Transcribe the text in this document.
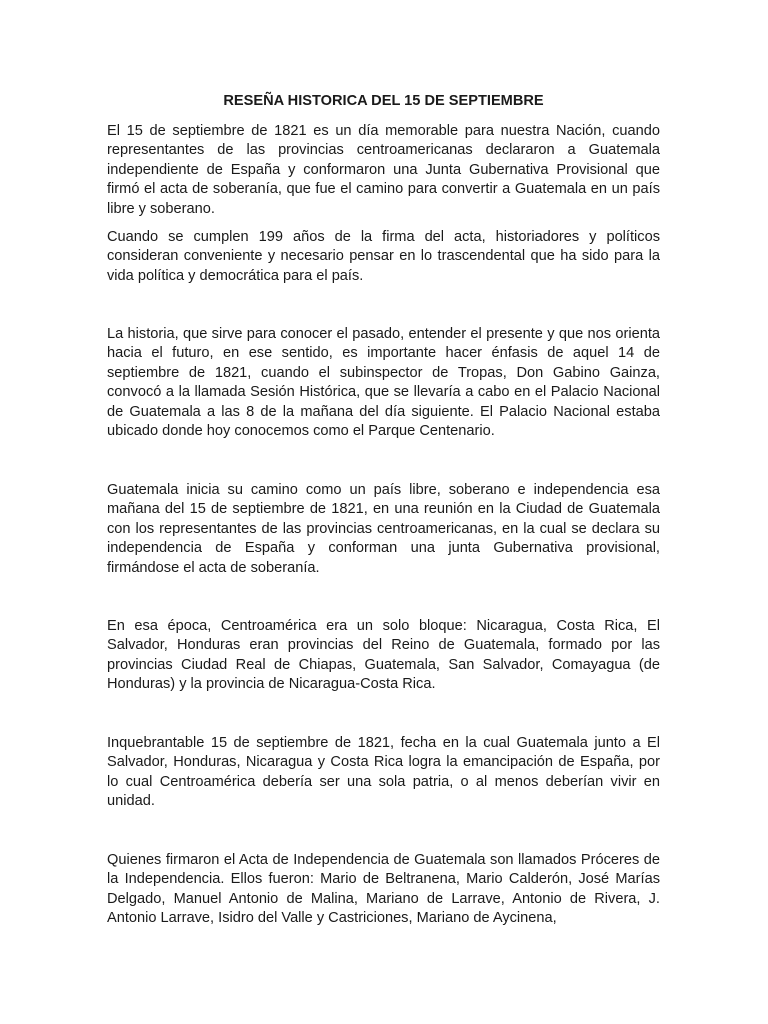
RESEÑA HISTORICA DEL 15 DE SEPTIEMBRE

El 15 de septiembre de 1821 es un día memorable para nuestra Nación, cuando representantes de las provincias centroamericanas declararon a Guatemala independiente de España y conformaron una Junta Gubernativa Provisional que firmó el acta de soberanía, que fue el camino para convertir a Guatemala en un país libre y soberano.

Cuando se cumplen 199 años de la firma del acta, historiadores y políticos consideran conveniente y necesario pensar en lo trascendental que ha sido para la vida política y democrática para el país.

La historia, que sirve para conocer el pasado, entender el presente y que nos orienta hacia el futuro, en ese sentido, es importante hacer énfasis de aquel 14 de septiembre de 1821, cuando el subinspector de Tropas, Don Gabino Gainza, convocó a la llamada Sesión Histórica, que se llevaría a cabo en el Palacio Nacional de Guatemala a las 8 de la mañana del día siguiente. El Palacio Nacional estaba ubicado donde hoy conocemos como el Parque Centenario.

Guatemala inicia su camino como un país libre, soberano e independencia esa mañana del 15 de septiembre de 1821, en una reunión en la Ciudad de Guatemala con los representantes de las provincias centroamericanas, en la cual se declara su independencia de España y conforman una junta Gubernativa provisional, firmándose el acta de soberanía.

En esa época, Centroamérica era un solo bloque: Nicaragua, Costa Rica, El Salvador, Honduras eran provincias del Reino de Guatemala, formado por las provincias Ciudad Real de Chiapas, Guatemala, San Salvador, Comayagua (de Honduras) y la provincia de Nicaragua-Costa Rica.

Inquebrantable 15 de septiembre de 1821, fecha en la cual Guatemala junto a El Salvador, Honduras, Nicaragua y Costa Rica logra la emancipación de España, por lo cual Centroamérica debería ser una sola patria, o al menos deberían vivir en unidad.

Quienes firmaron el Acta de Independencia de Guatemala son llamados Próceres de la Independencia. Ellos fueron: Mario de Beltranena, Mario Calderón, José Marías Delgado, Manuel Antonio de Malina, Mariano de Larrave, Antonio de Rivera, J. Antonio Larrave, Isidro del Valle y Castriciones, Mariano de Aycinena,
